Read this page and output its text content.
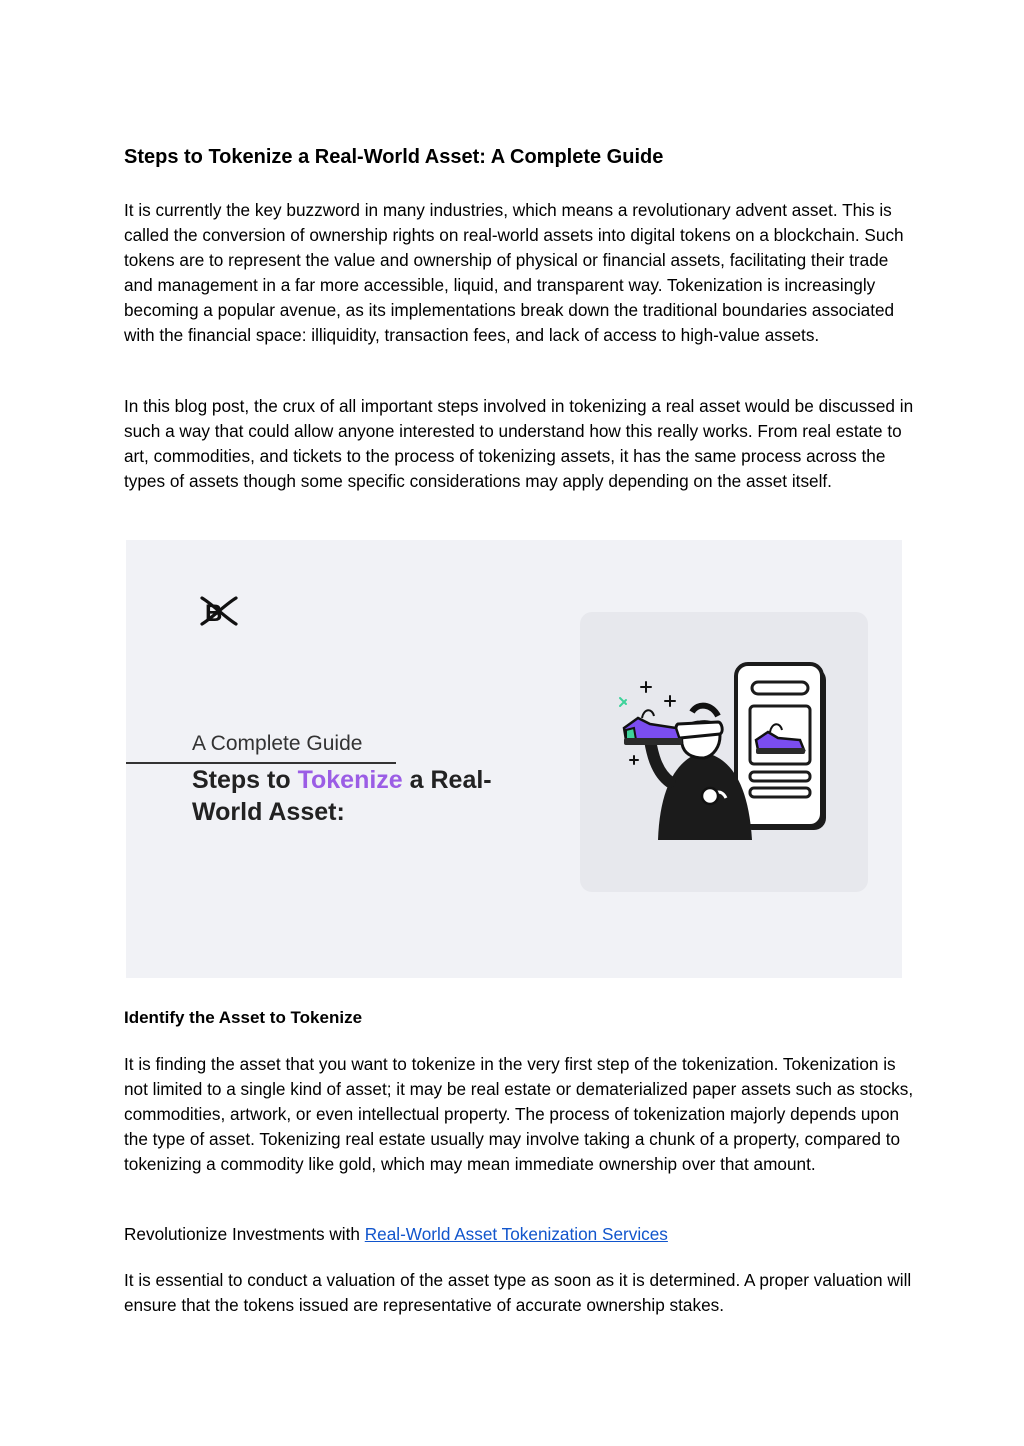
Steps to Tokenize a Real-World Asset: A Complete Guide

It is currently the key buzzword in many industries, which means a revolutionary advent asset. This is called the conversion of ownership rights on real-world assets into digital tokens on a blockchain. Such tokens are to represent the value and ownership of physical or financial assets, facilitating their trade and management in a far more accessible, liquid, and transparent way. Tokenization is increasingly becoming a popular avenue, as its implementations break down the traditional boundaries associated with the financial space: illiquidity, transaction fees, and lack of access to high-value assets.

In this blog post, the crux of all important steps involved in tokenizing a real asset would be discussed in such a way that could allow anyone interested to understand how this really works. From real estate to art, commodities, and tickets to the process of tokenizing assets, it has the same process across the types of assets though some specific considerations may apply depending on the asset itself.

Identify the Asset to Tokenize

It is finding the asset that you want to tokenize in the very first step of the tokenization. Tokenization is not limited to a single kind of asset; it may be real estate or dematerialized paper assets such as stocks, commodities, artwork, or even intellectual property. The process of tokenization majorly depends upon the type of asset. Tokenizing real estate usually may involve taking a chunk of a property, compared to tokenizing a commodity like gold, which may mean immediate ownership over that amount.

Revolutionize Investments with Real-World Asset Tokenization Services

It is essential to conduct a valuation of the asset type as soon as it is determined. A proper valuation will ensure that the tokens issued are representative of accurate ownership stakes.

B
A Complete Guide
Steps to Tokenize a Real-World Asset:
